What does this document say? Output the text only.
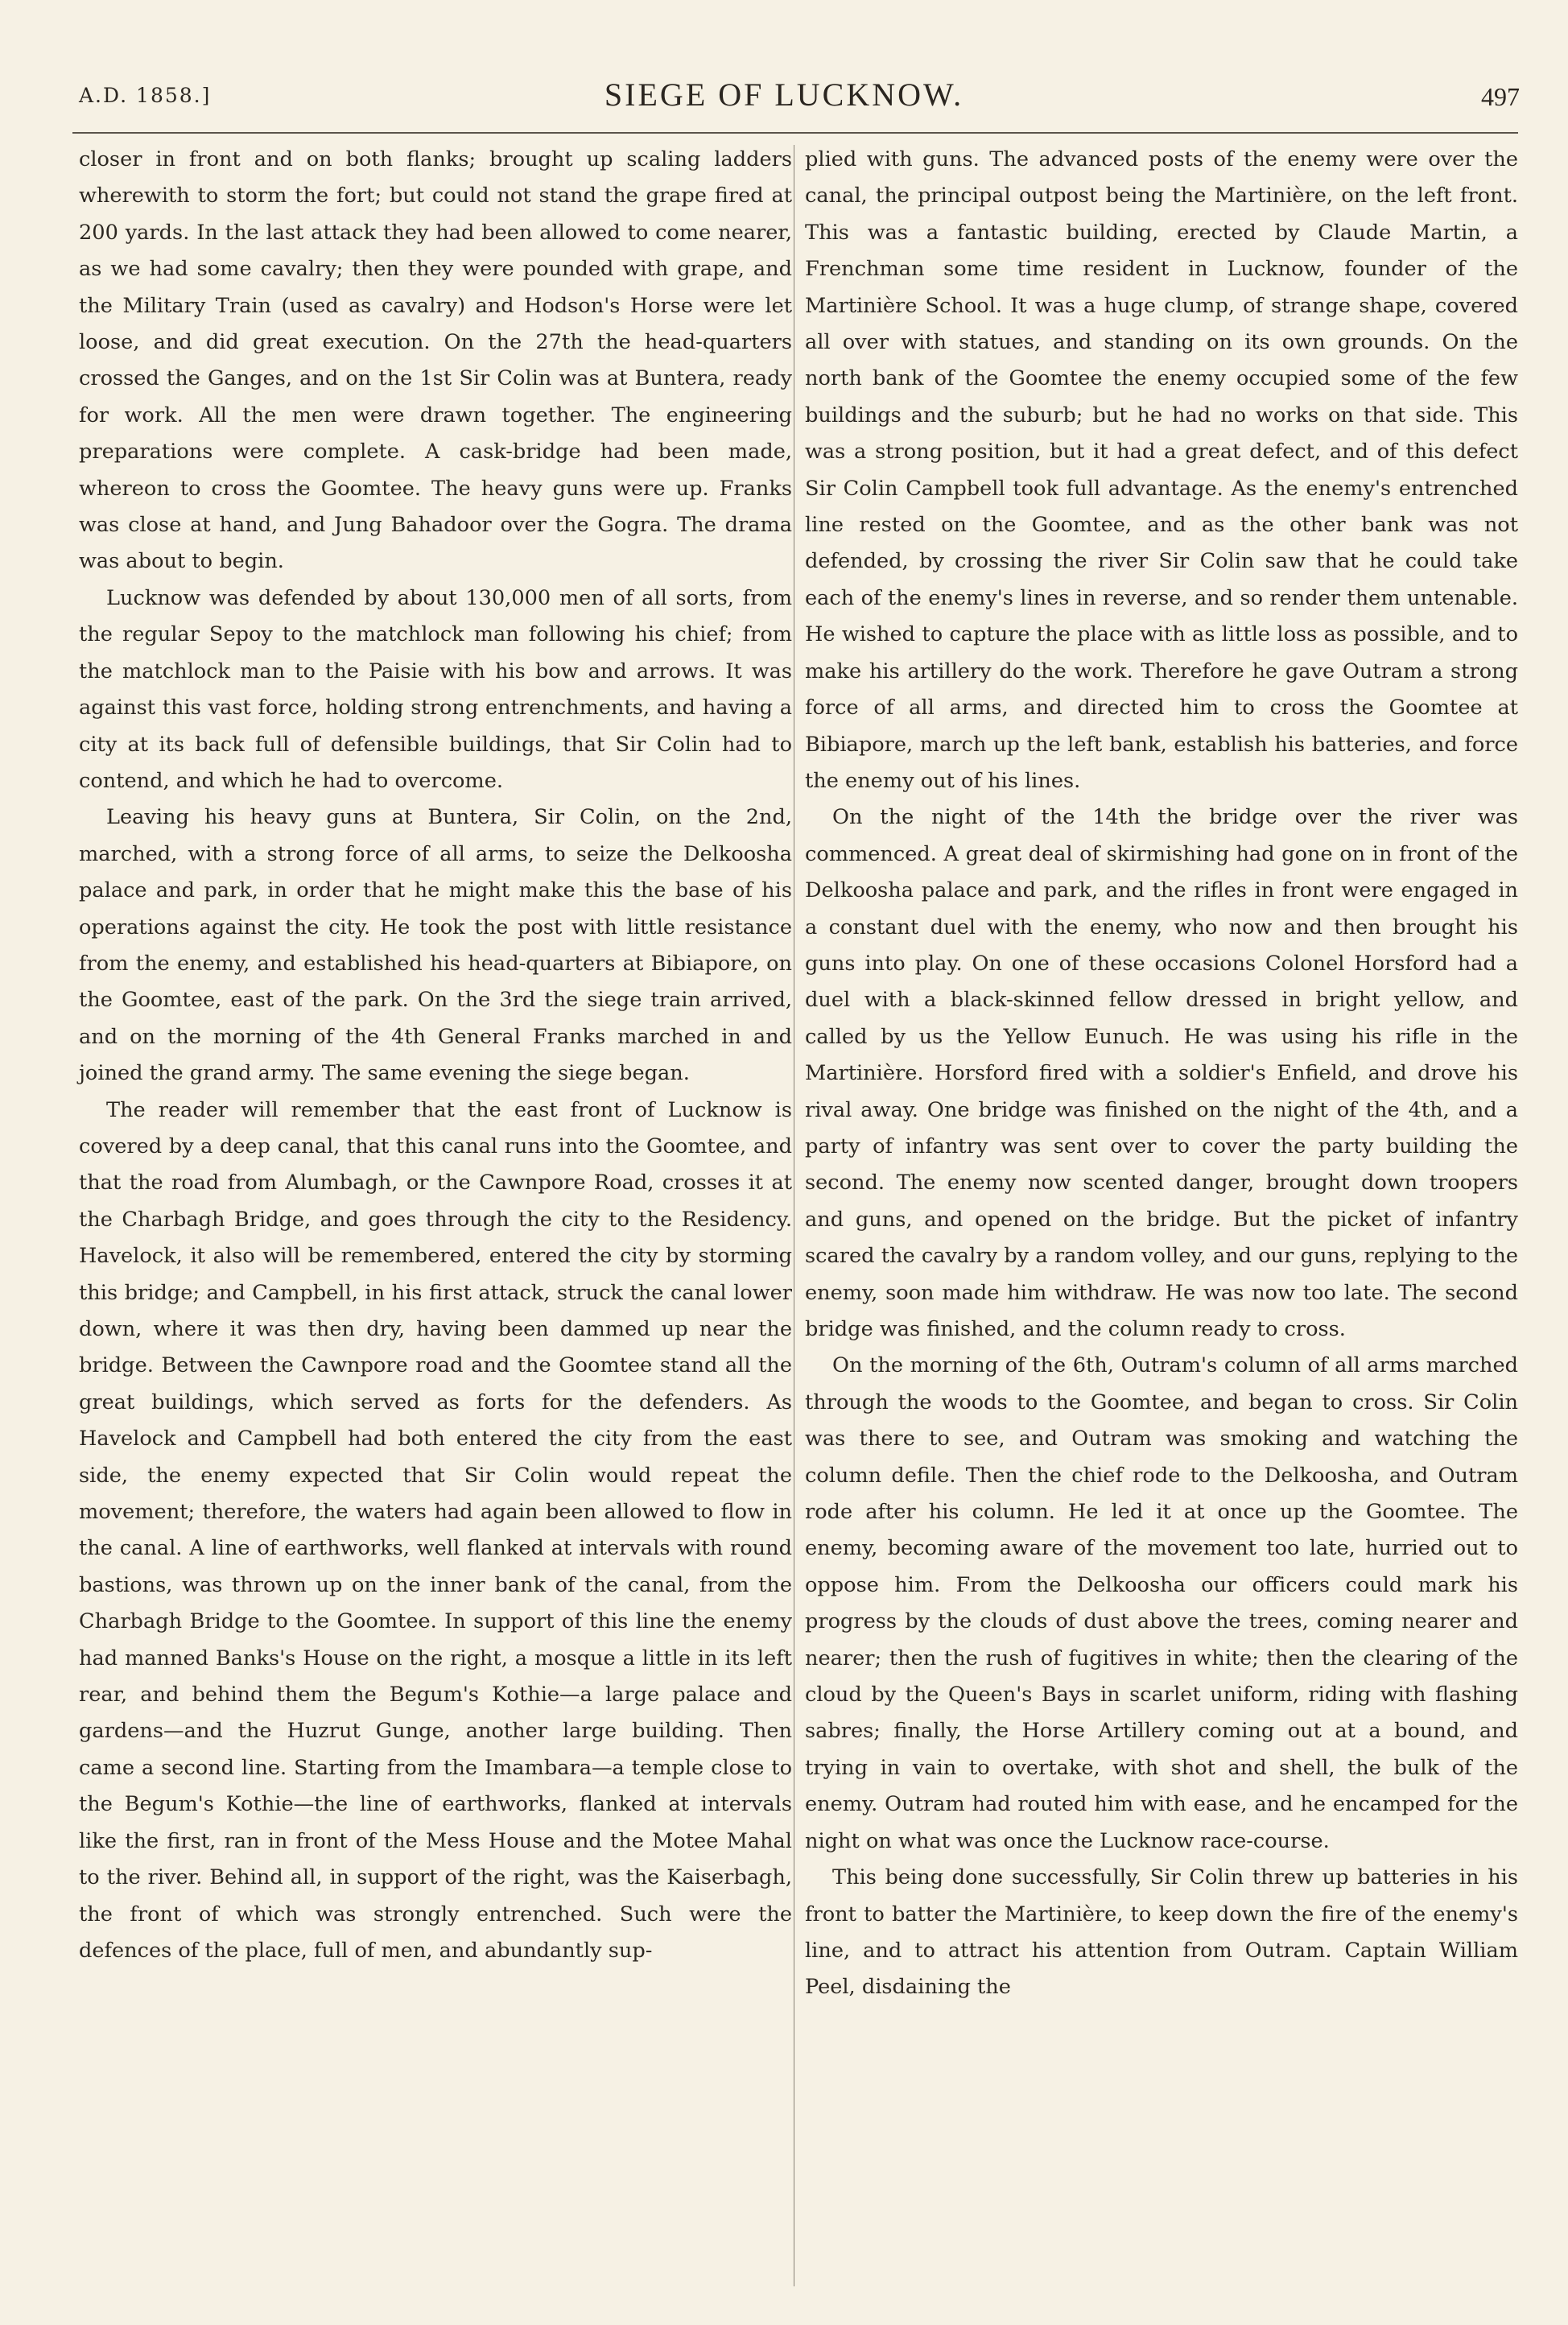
A.D. 1858.]	SIEGE OF LUCKNOW.	497

closer in front and on both flanks; brought up scaling ladders wherewith to storm the fort; but could not stand the grape fired at 200 yards. In the last attack they had been allowed to come nearer, as we had some cavalry; then they were pounded with grape, and the Military Train (used as cavalry) and Hodson's Horse were let loose, and did great execution. On the 27th the head-quarters crossed the Ganges, and on the 1st Sir Colin was at Buntera, ready for work. All the men were drawn together. The engineering preparations were complete. A cask-bridge had been made, whereon to cross the Goomtee. The heavy guns were up. Franks was close at hand, and Jung Bahadoor over the Gogra. The drama was about to begin.

Lucknow was defended by about 130,000 men of all sorts, from the regular Sepoy to the matchlock man following his chief; from the matchlock man to the Paisie with his bow and arrows. It was against this vast force, holding strong entrenchments, and having a city at its back full of defensible buildings, that Sir Colin had to contend, and which he had to overcome.

Leaving his heavy guns at Buntera, Sir Colin, on the 2nd, marched, with a strong force of all arms, to seize the Delkoosha palace and park, in order that he might make this the base of his operations against the city. He took the post with little resistance from the enemy, and established his head-quarters at Bibiapore, on the Goomtee, east of the park. On the 3rd the siege train arrived, and on the morning of the 4th General Franks marched in and joined the grand army. The same evening the siege began.

The reader will remember that the east front of Lucknow is covered by a deep canal, that this canal runs into the Goomtee, and that the road from Alumbagh, or the Cawnpore Road, crosses it at the Charbagh Bridge, and goes through the city to the Residency. Havelock, it also will be remembered, entered the city by storming this bridge; and Campbell, in his first attack, struck the canal lower down, where it was then dry, having been dammed up near the bridge. Between the Cawnpore road and the Goomtee stand all the great buildings, which served as forts for the defenders. As Havelock and Campbell had both entered the city from the east side, the enemy expected that Sir Colin would repeat the movement; therefore, the waters had again been allowed to flow in the canal. A line of earthworks, well flanked at intervals with round bastions, was thrown up on the inner bank of the canal, from the Charbagh Bridge to the Goomtee. In support of this line the enemy had manned Banks's House on the right, a mosque a little in its left rear, and behind them the Begum's Kothie—a large palace and gardens—and the Huzrut Gunge, another large building. Then came a second line. Starting from the Imambara—a temple close to the Begum's Kothie—the line of earthworks, flanked at intervals like the first, ran in front of the Mess House and the Motee Mahal to the river. Behind all, in support of the right, was the Kaiserbagh, the front of which was strongly entrenched. Such were the defences of the place, full of men, and abundantly sup-

plied with guns. The advanced posts of the enemy were over the canal, the principal outpost being the Martinière, on the left front. This was a fantastic building, erected by Claude Martin, a Frenchman some time resident in Lucknow, founder of the Martinière School. It was a huge clump, of strange shape, covered all over with statues, and standing on its own grounds. On the north bank of the Goomtee the enemy occupied some of the few buildings and the suburb; but he had no works on that side. This was a strong position, but it had a great defect, and of this defect Sir Colin Campbell took full advantage. As the enemy's entrenched line rested on the Goomtee, and as the other bank was not defended, by crossing the river Sir Colin saw that he could take each of the enemy's lines in reverse, and so render them untenable. He wished to capture the place with as little loss as possible, and to make his artillery do the work. Therefore he gave Outram a strong force of all arms, and directed him to cross the Goomtee at Bibiapore, march up the left bank, establish his batteries, and force the enemy out of his lines.

On the night of the 14th the bridge over the river was commenced. A great deal of skirmishing had gone on in front of the Delkoosha palace and park, and the rifles in front were engaged in a constant duel with the enemy, who now and then brought his guns into play. On one of these occasions Colonel Horsford had a duel with a black-skinned fellow dressed in bright yellow, and called by us the Yellow Eunuch. He was using his rifle in the Martinière. Horsford fired with a soldier's Enfield, and drove his rival away. One bridge was finished on the night of the 4th, and a party of infantry was sent over to cover the party building the second. The enemy now scented danger, brought down troopers and guns, and opened on the bridge. But the picket of infantry scared the cavalry by a random volley, and our guns, replying to the enemy, soon made him withdraw. He was now too late. The second bridge was finished, and the column ready to cross.

On the morning of the 6th, Outram's column of all arms marched through the woods to the Goomtee, and began to cross. Sir Colin was there to see, and Outram was smoking and watching the column defile. Then the chief rode to the Delkoosha, and Outram rode after his column. He led it at once up the Goomtee. The enemy, becoming aware of the movement too late, hurried out to oppose him. From the Delkoosha our officers could mark his progress by the clouds of dust above the trees, coming nearer and nearer; then the rush of fugitives in white; then the clearing of the cloud by the Queen's Bays in scarlet uniform, riding with flashing sabres; finally, the Horse Artillery coming out at a bound, and trying in vain to overtake, with shot and shell, the bulk of the enemy. Outram had routed him with ease, and he encamped for the night on what was once the Lucknow race-course.

This being done successfully, Sir Colin threw up batteries in his front to batter the Martinière, to keep down the fire of the enemy's line, and to attract his attention from Outram. Captain William Peel, disdaining the
